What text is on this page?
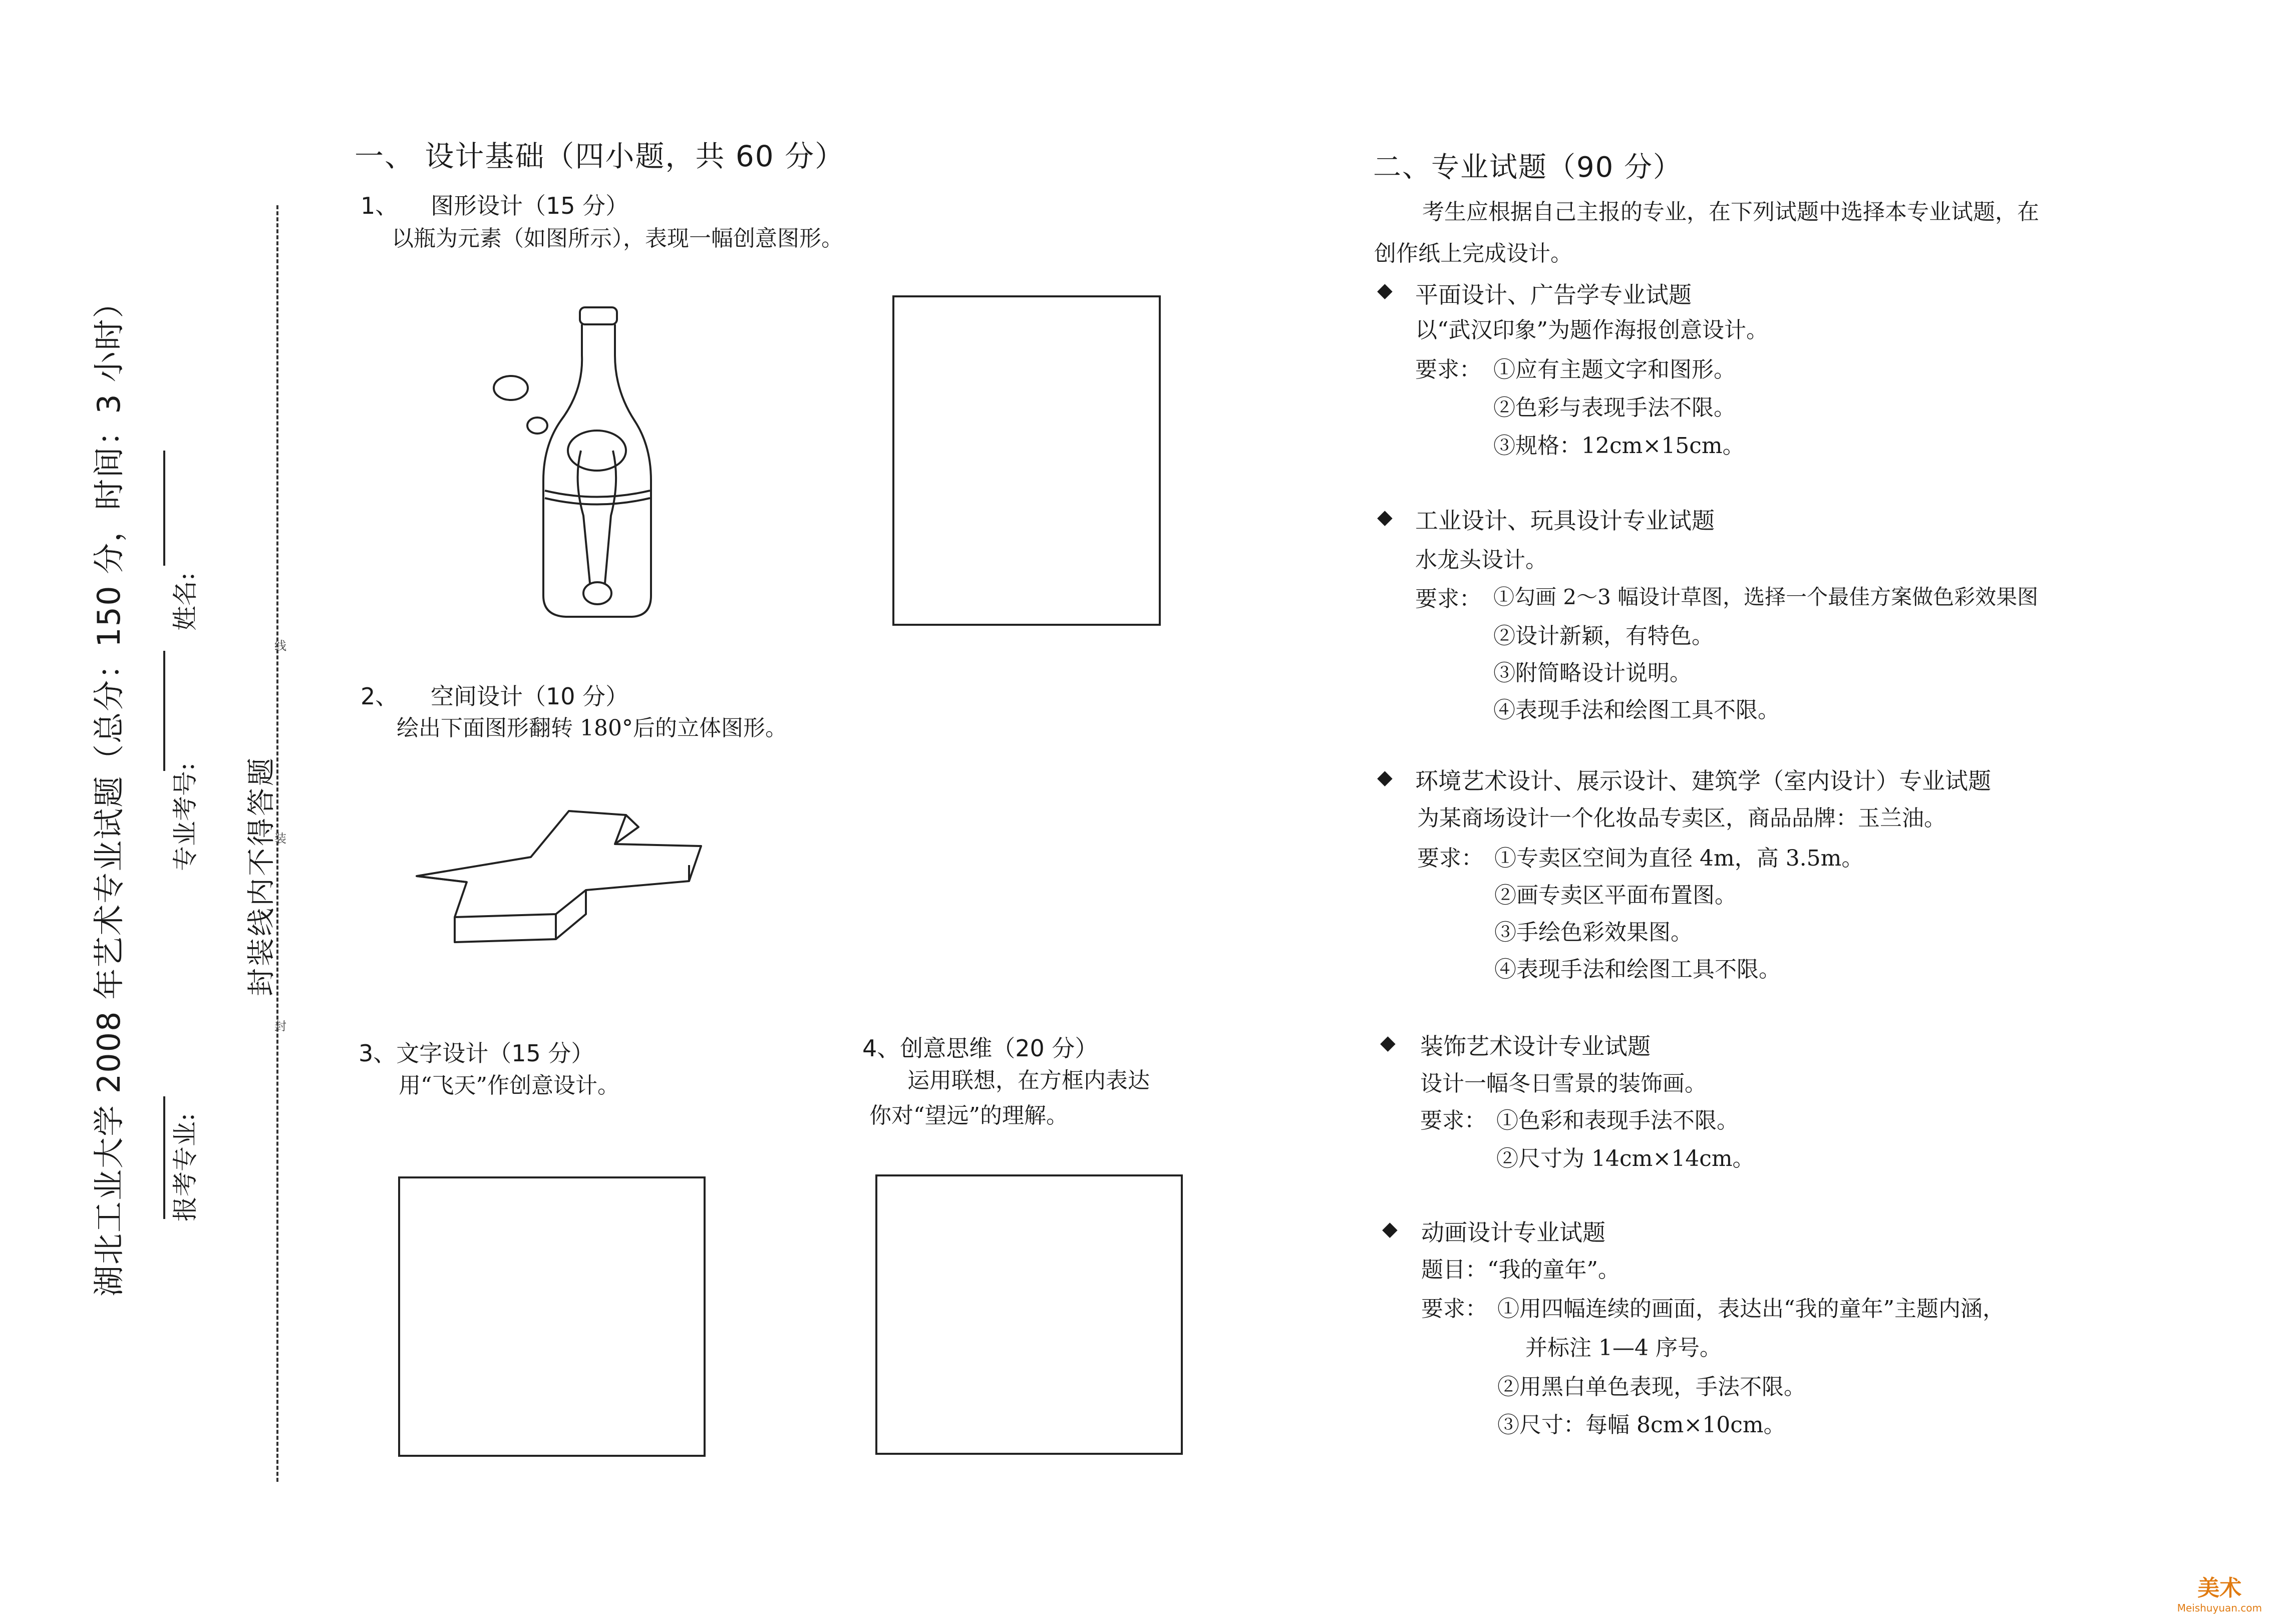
湖北工业大学 2008 年艺术专业试题（总分：150 分，时间：3 小时） 报考专业:
专业考号:
姓名:
封装线内不得答题
线
装
封
一、 设计基础（四小题，共 60 分）
1、 图形设计（15 分）
以瓶为元素（如图所示），表现一幅创意图形。
2、 空间设计（10 分）
绘出下面图形翻转 180°后的立体图形。
3、文字设计（15 分）
用“飞天”作创意设计。
4、创意思维（20 分）
运用联想，在方框内表达
你对“望远”的理解。
二、专业试题（90 分）
考生应根据自己主报的专业，在下列试题中选择本专业试题，在
创作纸上完成设计。
◆ 平面设计、广告学专业试题
以“武汉印象”为题作海报创意设计。
要求： ①应有主题文字和图形。
②色彩与表现手法不限。
③规格：12cm×15cm。
◆ 工业设计、玩具设计专业试题
水龙头设计。
要求： ①勾画 2～3 幅设计草图，选择一个最佳方案做色彩效果图
②设计新颖，有特色。
③附简略设计说明。
④表现手法和绘图工具不限。
◆ 环境艺术设计、展示设计、建筑学（室内设计）专业试题
为某商场设计一个化妆品专卖区，商品品牌：玉兰油。
要求： ①专卖区空间为直径 4m，高 3.5m。
②画专卖区平面布置图。
③手绘色彩效果图。
④表现手法和绘图工具不限。
◆ 装饰艺术设计专业试题
设计一幅冬日雪景的装饰画。
要求： ①色彩和表现手法不限。
②尺寸为 14cm×14cm。
◆ 动画设计专业试题
题目：“我的童年”。
要求： ①用四幅连续的画面，表达出“我的童年”主题内涵，
并标注 1—4 序号。
②用黑白单色表现，手法不限。
③尺寸：每幅 8cm×10cm。
美术
Meishuyuan.com
